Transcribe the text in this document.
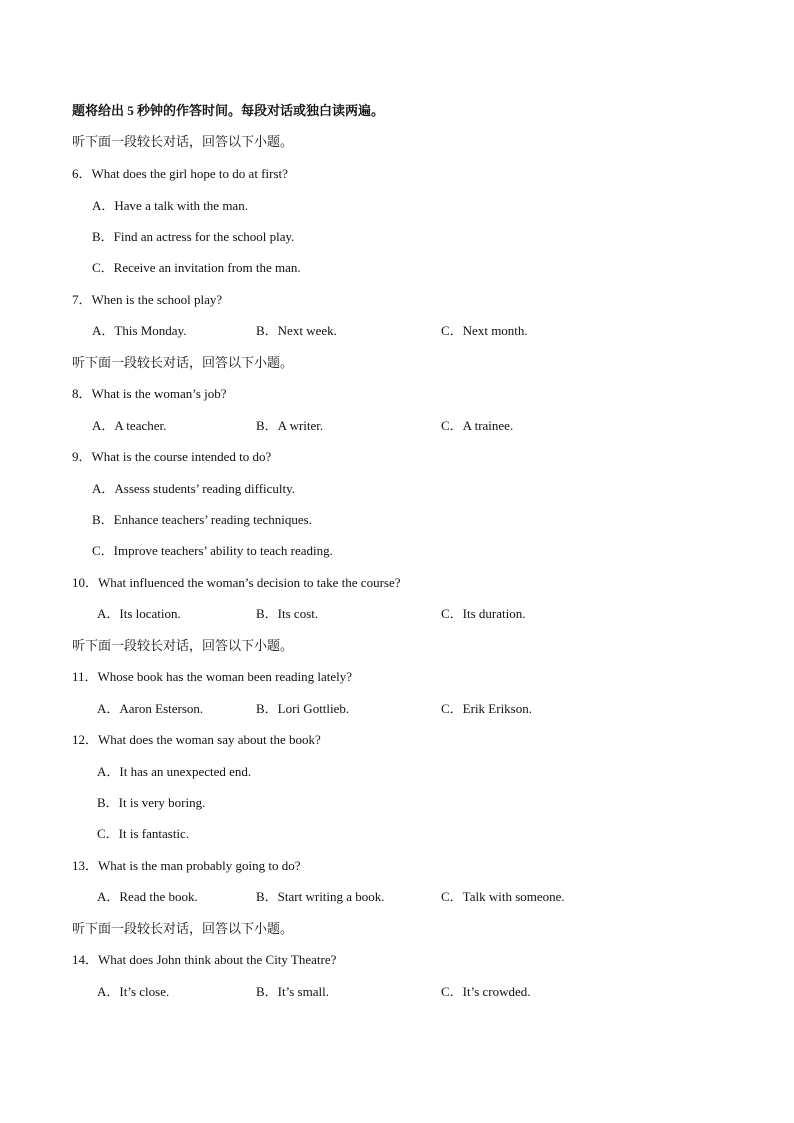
题将给出 5 秒钟的作答时间。每段对话或独白读两遍。
听下面一段较长对话，回答以下小题。
6．What does the girl hope to do at first?
A．Have a talk with the man.
B．Find an actress for the school play.
C．Receive an invitation from the man.
7．When is the school play?
A．This Monday.	B．Next week.	C．Next month.
听下面一段较长对话，回答以下小题。
8．What is the woman’s job?
A．A teacher.	B．A writer.	C．A trainee.
9．What is the course intended to do?
A．Assess students’ reading difficulty.
B．Enhance teachers’ reading techniques.
C．Improve teachers’ ability to teach reading.
10．What influenced the woman’s decision to take the course?
A．Its location.	B．Its cost.	C．Its duration.
听下面一段较长对话，回答以下小题。
11．Whose book has the woman been reading lately?
A．Aaron Esterson.	B．Lori Gottlieb.	C．Erik Erikson.
12．What does the woman say about the book?
A．It has an unexpected end.
B．It is very boring.
C．It is fantastic.
13．What is the man probably going to do?
A．Read the book.	B．Start writing a book.	C．Talk with someone.
听下面一段较长对话，回答以下小题。
14．What does John think about the City Theatre?
A．It’s close.	B．It’s small.	C．It’s crowded.
